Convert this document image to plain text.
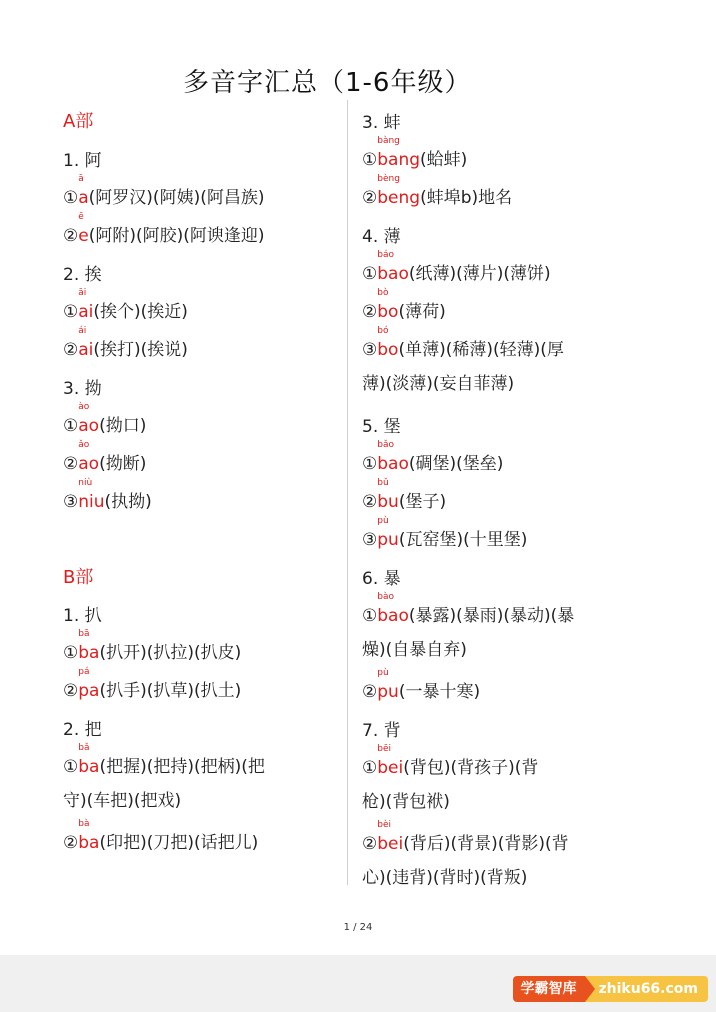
多音字汇总（1-6年级）
A部
1. 阿
①
ā
a(阿罗汉)(阿姨)(阿昌族)
②
ē
e(阿附)(阿胶)(阿谀逢迎)
2. 挨
①
āi
ai(挨个)(挨近)
②
ái
ai(挨打)(挨说)
3. 拗
①
ào
ao(拗口)
②
ǎo
ao(拗断)
③
niù
niu(执拗)
B部
1. 扒
①
bā
ba(扒开)(扒拉)(扒皮)
②
pá
pa(扒手)(扒草)(扒土)
2. 把
①
bǎ
ba(把握)(把持)(把柄)(把
守)(车把)(把戏)
②
bà
ba(印把)(刀把)(话把儿)
3. 蚌
①
bàng
bang(蛤蚌)
②
bèng
beng(蚌埠b)地名
4. 薄
①
báo
bao(纸薄)(薄片)(薄饼)
②
bò
bo(薄荷)
③
bó
bo(单薄)(稀薄)(轻薄)(厚
薄)(淡薄)(妄自菲薄)
5. 堡
①
bǎo
bao(碉堡)(堡垒)
②
bǔ
bu(堡子)
③
pù
pu(瓦窑堡)(十里堡)
6. 暴
①
bào
bao(暴露)(暴雨)(暴动)(暴
燥)(自暴自弃)
②
pù
pu(一暴十寒)
7. 背
①
bēi
bei(背包)(背孩子)(背
枪)(背包袱)
②
bèi
bei(背后)(背景)(背影)(背
心)(违背)(背时)(背叛)
1 / 24
学霸智库	zhiku66.com
